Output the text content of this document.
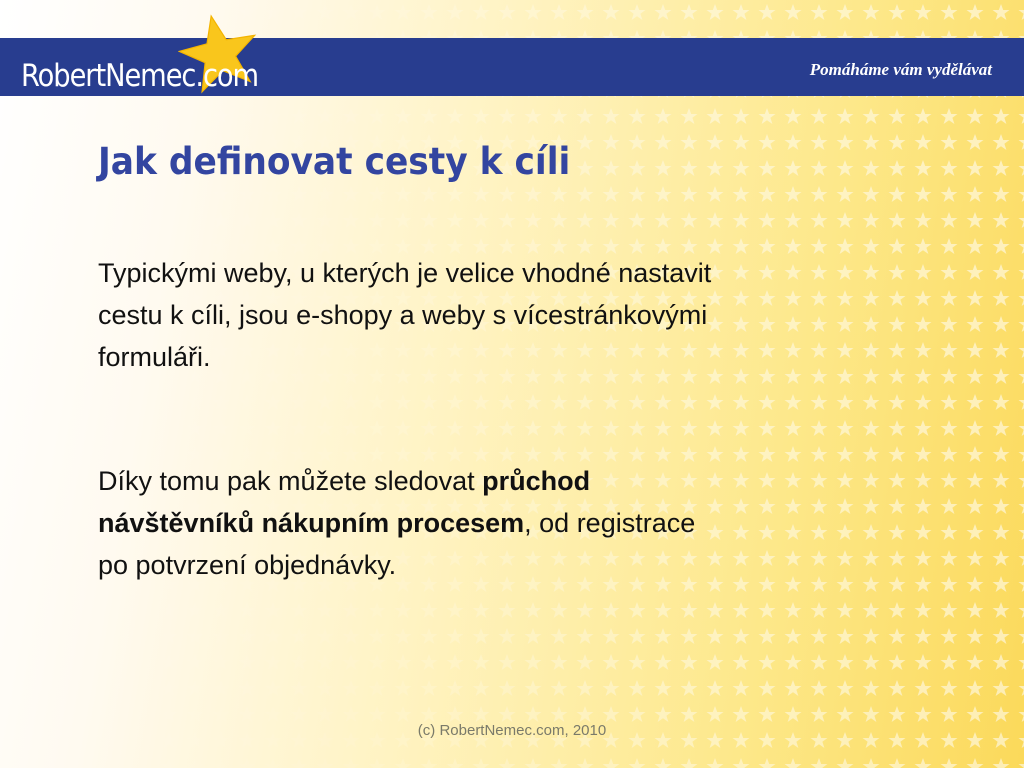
RobertNemec.com	Pomáháme vám vydělávat
Jak definovat cesty k cíli
Typickými weby, u kterých je velice vhodné nastavit
cestu k cíli, jsou e-shopy a weby s vícestránkovými
formuláři.
Díky tomu pak můžete sledovat průchod
návštěvníků nákupním procesem, od registrace
po potvrzení objednávky.
(c) RobertNemec.com, 2010
